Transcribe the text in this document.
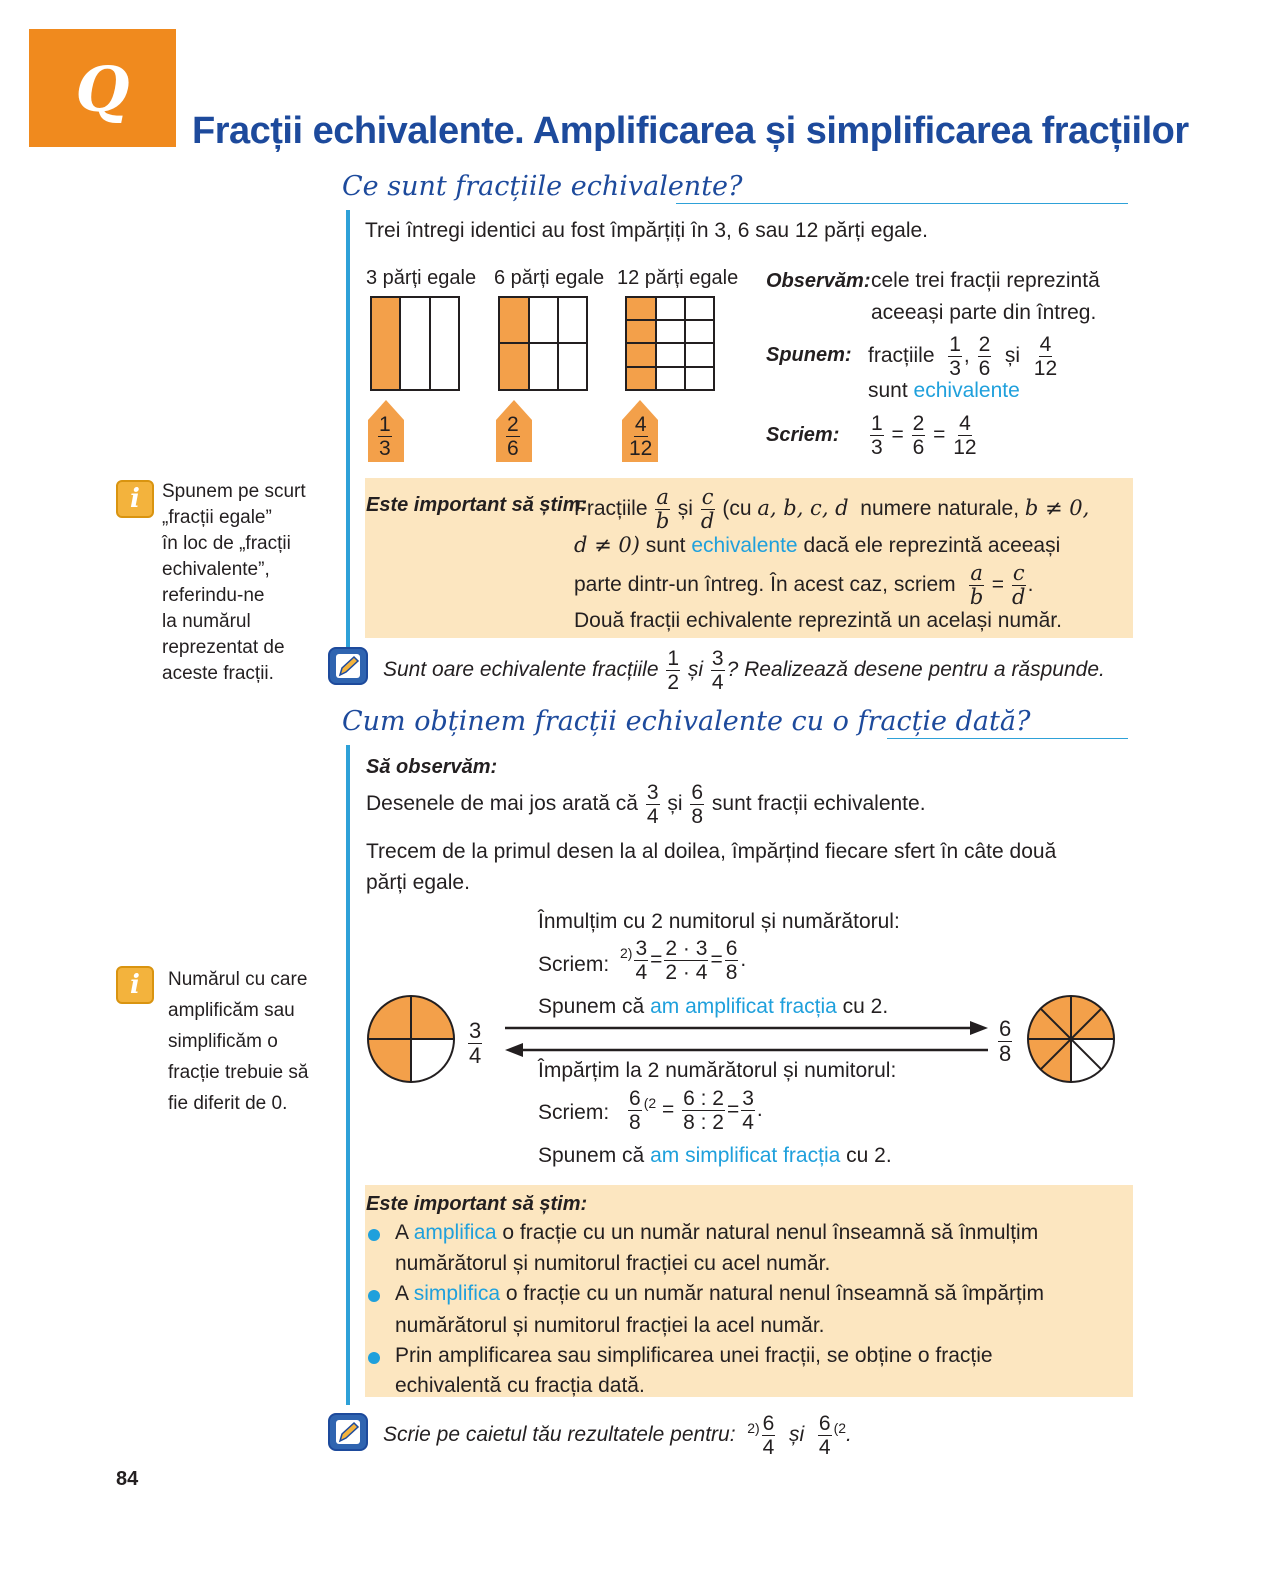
Q
Fracții echivalente. Amplificarea și simplificarea fracțiilor
Ce sunt fracțiile echivalente?
Trei întregi identici au fost împărțiți în 3, 6 sau 12 părți egale.
3 părți egale 6 părți egale 12 părți egale
$\frac{1}{3}$	$\frac{2}{6}$	$\frac{4}{12}$
Observăm: cele trei fracții reprezintă
aceeași parte din întreg.
Spunem: fracțiile $\frac{1}{3}$ , $\frac{2}{6}$ și $\frac{4}{12}$
sunt echivalente
Scriem: $\frac{1}{3} = \frac{2}{6} = \frac{4}{12}$
Este important să știm:
Fracțiile $\frac{a}{b}$ și $\frac{c}{d} (cu$ a, b, c, d numere naturale, b ≠ 0,
d ≠ 0) sunt echivalente dacă ele reprezintă aceeași
parte dintr-un întreg. În acest caz, scriem $\frac{a}{b} = \frac{c}{d}$ .
Două fracții echivalente reprezintă un același număr.
Sunt oare echivalente fracțiile $\frac{1}{2}$ și $\frac{3}{4}$ ? Realizează desene pentru a răspunde.
i	Spunem pe scurt
„fracții egale”
în loc de „fracții
echivalente”,
referindu-ne
la numărul
reprezentat de
aceste fracții.
i	Numărul cu care
amplificăm sau
simplificăm o
fracție trebuie să
fie diferit de 0.
Cum obținem fracții echivalente cu o fracție dată?
Să observăm:
Desenele de mai jos arată că $\frac{3}{4}$ și $\frac{6}{8}$ sunt fracții echivalente.
Trecem de la primul desen la al doilea, împărțind fiecare sfert în câte două
părți egale.
$\frac{3}{4}$	$\frac{6}{8}$
Înmulțim cu 2 numitorul și numărătorul:
Scriem: $^{2)} \frac{3}{4} = \frac{2 \cdot 3}{2 \cdot 4} = \frac{6}{8}$ .
Spunem că am amplificat fracția cu 2.
Împărțim la 2 numărătorul și numitorul:
Scriem: $\frac{6}{8} ^{(2} = \frac{6 : 2}{8 : 2} = \frac{3}{4}$ .
Spunem că am simplificat fracția cu 2.
Este important să știm:
A amplifica o fracție cu un număr natural nenul înseamnă să înmulțim
numărătorul și numitorul fracției cu acel număr.
A simplifica o fracție cu un număr natural nenul înseamnă să împărțim
numărătorul și numitorul fracției la acel număr.
Prin amplificarea sau simplificarea unei fracții, se obține o fracție
echivalentă cu fracția dată.
Scrie pe caietul tău rezultatele pentru: $^{2)} \frac{6}{4}$ și $\frac{6}{4} ^{(2}$.
84
